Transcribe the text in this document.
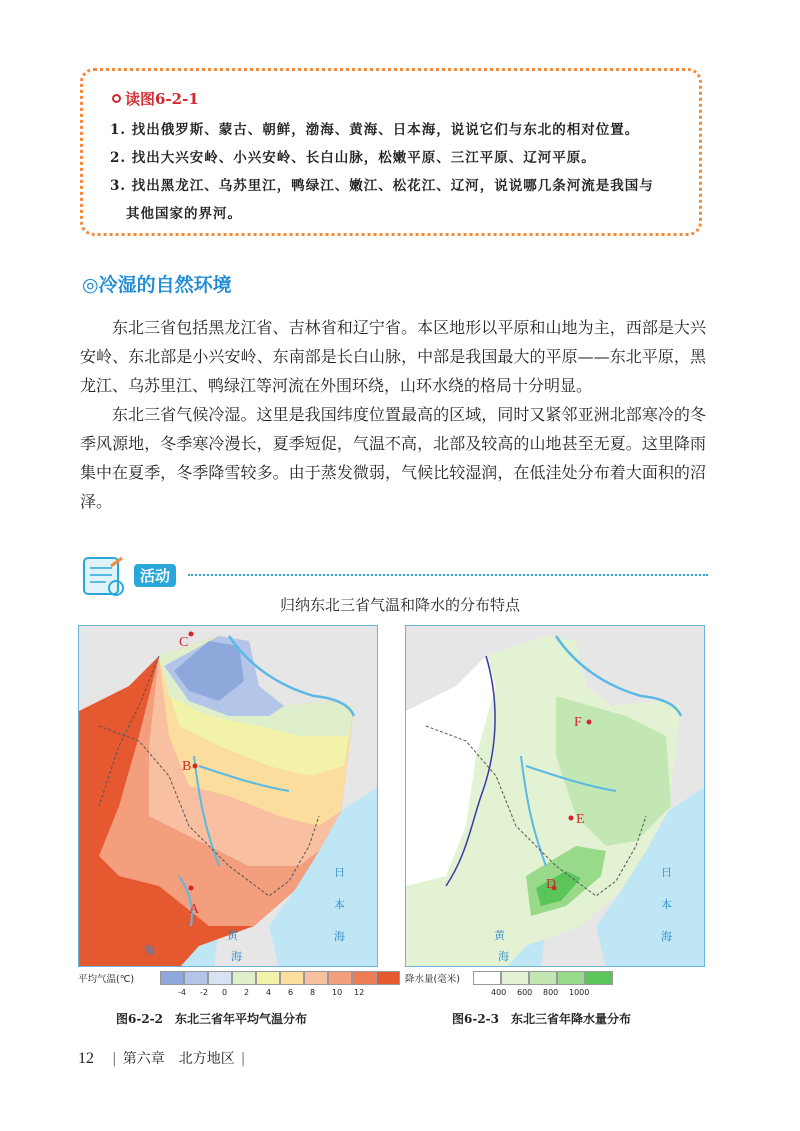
读图6-2-1
1. 找出俄罗斯、蒙古、朝鲜，渤海、黄海、日本海，说说它们与东北的相对位置。
2. 找出大兴安岭、小兴安岭、长白山脉，松嫩平原、三江平原、辽河平原。
3. 找出黑龙江、乌苏里江，鸭绿江、嫩江、松花江、辽河，说说哪几条河流是我国与
其他国家的界河。
◎冷湿的自然环境

东北三省包括黑龙江省、吉林省和辽宁省。本区地形以平原和山地为主，西部是大兴安岭、东北部是小兴安岭、东南部是长白山脉，中部是我国最大的平原——东北平原，黑龙江、乌苏里江、鸭绿江等河流在外围环绕，山环水绕的格局十分明显。

东北三省气候冷湿。这里是我国纬度位置最高的区域，同时又紧邻亚洲北部寒冷的冬季风源地，冬季寒冷漫长，夏季短促，气温不高，北部及较高的山地甚至无夏。这里降雨集中在夏季，冬季降雪较多。由于蒸发微弱，气候比较湿润，在低洼处分布着大面积的沼泽。

活动
归纳东北三省气温和降水的分布特点
C
B
A
日
本
海
黄
海
海
F
E
D
日
本
海
黄
海
平均气温(℃)
-4 -2 0 2 4 6 8 10 12
降水量(毫米)
400 600 800 1000
图6-2-2　东北三省年平均气温分布	图6-2-3　东北三省年降水量分布
12 | 第六章　北方地区 |
